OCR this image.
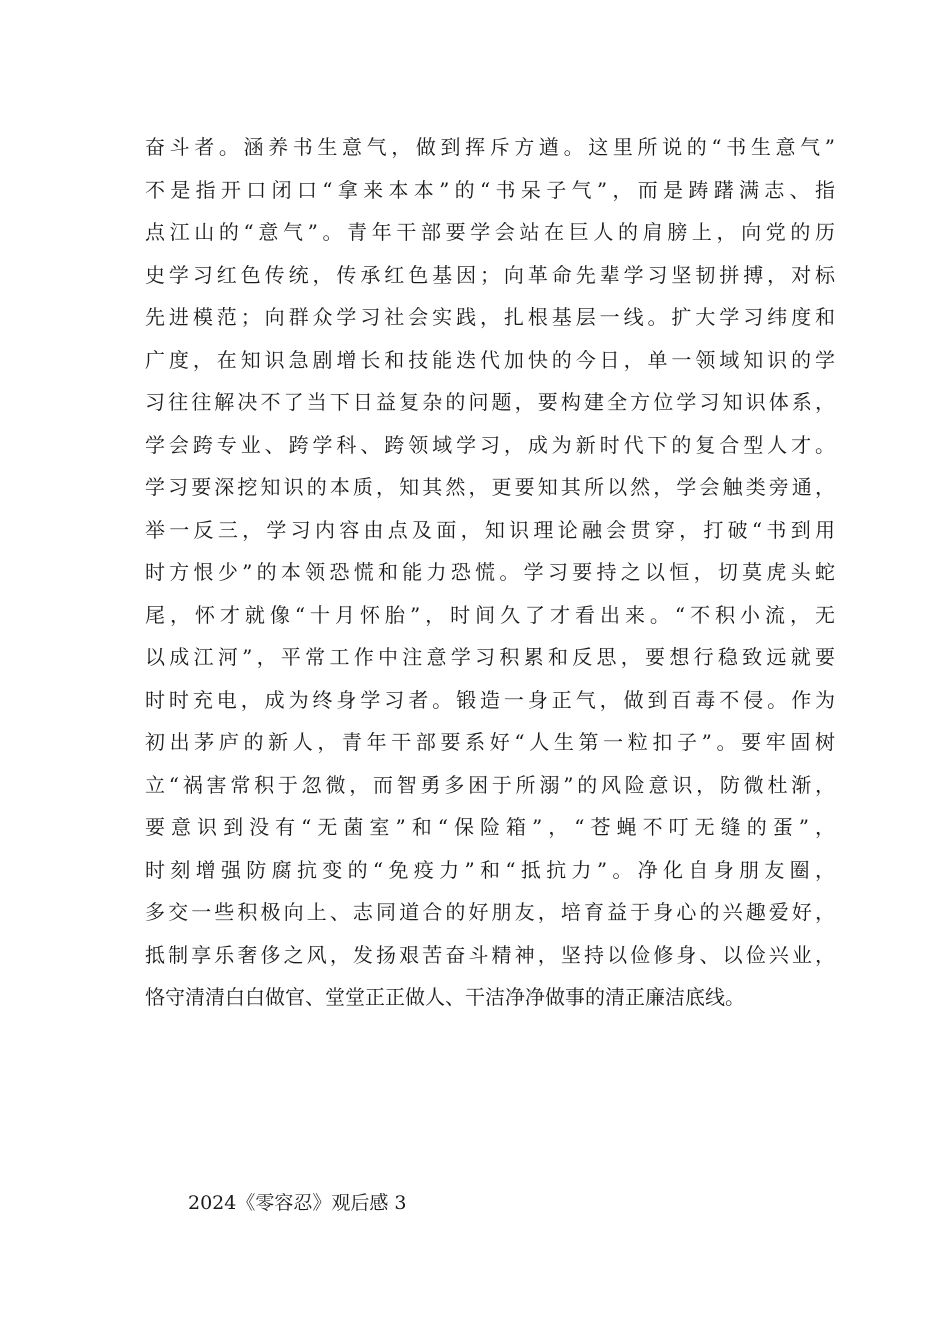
奋斗者。涵养书生意气，做到挥斥方遒。这里所说的“书生意气”
不是指开口闭口“拿来本本”的“书呆子气”，而是踌躇满志、指
点江山的“意气”。青年干部要学会站在巨人的肩膀上，向党的历
史学习红色传统，传承红色基因；向革命先辈学习坚韧拼搏，对标
先进模范；向群众学习社会实践，扎根基层一线。扩大学习纬度和
广度，在知识急剧增长和技能迭代加快的今日，单一领域知识的学
习往往解决不了当下日益复杂的问题，要构建全方位学习知识体系，
学会跨专业、跨学科、跨领域学习，成为新时代下的复合型人才。
学习要深挖知识的本质，知其然，更要知其所以然，学会触类旁通，
举一反三，学习内容由点及面，知识理论融会贯穿，打破“书到用
时方恨少”的本领恐慌和能力恐慌。学习要持之以恒，切莫虎头蛇
尾，怀才就像“十月怀胎”，时间久了才看出来。“不积小流，无
以成江河”，平常工作中注意学习积累和反思，要想行稳致远就要
时时充电，成为终身学习者。锻造一身正气，做到百毒不侵。作为
初出茅庐的新人，青年干部要系好“人生第一粒扣子”。要牢固树
立“祸害常积于忽微，而智勇多困于所溺”的风险意识，防微杜渐，
要意识到没有“无菌室”和“保险箱”，“苍蝇不叮无缝的蛋”，
时刻增强防腐抗变的“免疫力”和“抵抗力”。净化自身朋友圈，
多交一些积极向上、志同道合的好朋友，培育益于身心的兴趣爱好，
抵制享乐奢侈之风，发扬艰苦奋斗精神，坚持以俭修身、以俭兴业，
恪守清清白白做官、堂堂正正做人、干洁净净做事的清正廉洁底线。
2024《零容忍》观后感 3
